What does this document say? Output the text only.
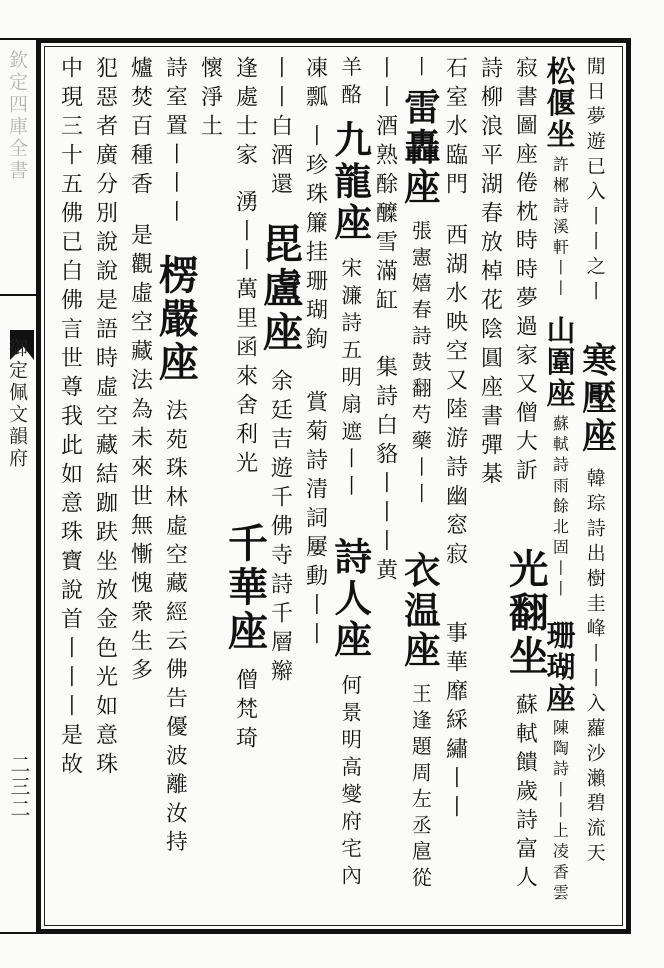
欽定四庫全書
御定佩文韻府
二三二
閒日夢遊已入丨丨之丨
寒壓座
韓琮詩出樹圭峰丨丨入蘿沙瀨碧流天
松偃坐
許郴詩溪軒丨丨
山圍座
蘇軾詩雨餘北固丨丨
珊瑚座
陳陶詩丨丨上凌香雲
寂書圖座倦枕時時夢過家又僧大訢
光翻坐
蘇軾饋歲詩富人
詩柳浪平湖春放棹花陰圓座書彈棊
石室水臨門
西湖水映空又陸游詩幽窓寂
事華靡綵繡丨丨
丨
雷轟座
張憲嬉春詩鼓翻芍藥丨丨
衣温座
王逢題周左丞扈從
丨丨酒熟酴醾雪滿缸
集詩白貉丨丨丨黄
羊酪
九龍座
宋濂詩五明扇遮丨丨
詩人座
何景明高燮府宅內
凍瓢
丨珍珠簾挂珊瑚鉤
賞菊詩清詞屢動丨丨
丨丨白酒還
毘盧座
余廷吉遊千佛寺詩千層辮
逢處士家
湧丨丨萬里函來舍利光
千華座
僧梵琦
懷淨土
詩室置丨丨丨
楞嚴座
法苑珠林虛空藏經云佛告優波離汝持
爐焚百種香
是觀虛空藏法為未來世無慚愧衆生多
犯惡者廣分別說說是語時虛空藏結跏趺坐放金色光如意珠
中現三十五佛已白佛言世尊我此如意珠寶說首丨丨丨是故
